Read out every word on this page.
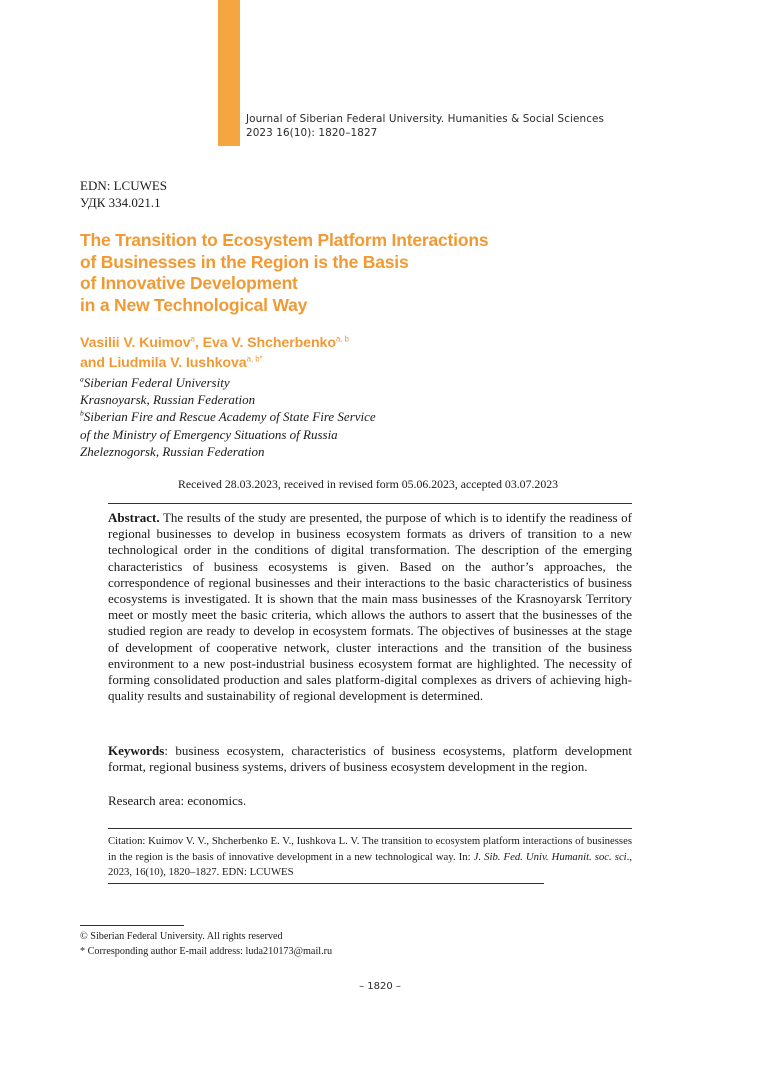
Journal of Siberian Federal University. Humanities & Social Sciences
2023 16(10): 1820–1827
EDN: LCUWES
УДК 334.021.1
The Transition to Ecosystem Platform Interactions
of Businesses in the Region is the Basis
of Innovative Development
in a New Technological Way
Vasilii V. Kuimov$^a$, Eva V. Shcherbenko$^{a, b}$
and Liudmila V. Iushkova$^{a, b*}$
$^a$Siberian Federal University
Krasnoyarsk, Russian Federation
$^b$Siberian Fire and Rescue Academy of State Fire Service
of the Ministry of Emergency Situations of Russia
Zheleznogorsk, Russian Federation
Received 28.03.2023, received in revised form 05.06.2023, accepted 03.07.2023
Abstract. The results of the study are presented, the purpose of which is to identify the readiness of regional businesses to develop in business ecosystem formats as drivers of transition to a new technological order in the conditions of digital transformation. The description of the emerging characteristics of business ecosystems is given. Based on the author’s approaches, the correspondence of regional businesses and their interactions to the basic characteristics of business ecosystems is investigated. It is shown that the main mass businesses of the Krasnoyarsk Territory meet or mostly meet the basic criteria, which allows the authors to assert that the businesses of the studied region are ready to develop in ecosystem formats. The objectives of businesses at the stage of development of cooperative network, cluster interactions and the transition of the business environment to a new post-industrial business ecosystem format are highlighted. The necessity of forming consolidated production and sales platform-digital complexes as drivers of achieving high-quality results and sustainability of regional development is determined.
Keywords: business ecosystem, characteristics of business ecosystems, platform development format, regional business systems, drivers of business ecosystem development in the region.
Research area: economics.
Citation: Kuimov V. V., Shcherbenko E. V., Iushkova L. V. The transition to ecosystem platform interactions of businesses in the region is the basis of innovative development in a new technological way. In: J. Sib. Fed. Univ. Humanit. soc. sci., 2023, 16(10), 1820–1827. EDN: LCUWES
© Siberian Federal University. All rights reserved
* Corresponding author E-mail address: luda210173@mail.ru
– 1820 –
